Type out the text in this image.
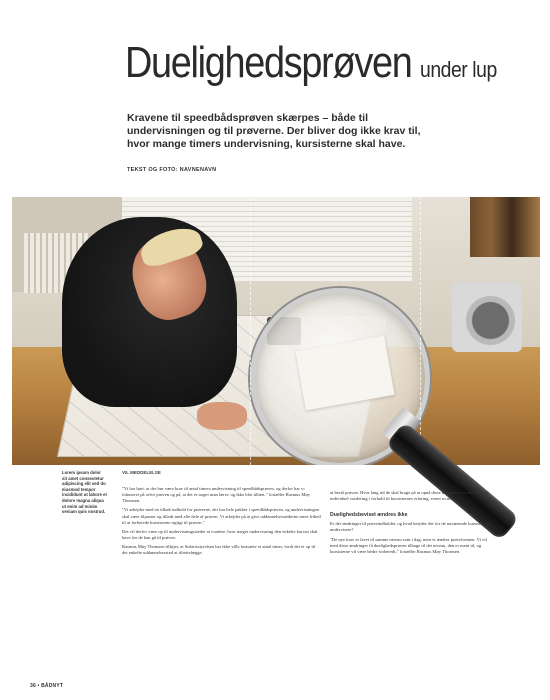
Duelighedsprøven under lup

Kravene til speedbådsprøven skærpes – både til undervisningen og til prøverne. Der bliver dog ikke krav til, hvor mange timers undervisning, kursisterne skal have.

TEKST OG FOTO: NAVNENAVN

Lorem ipsum dolor sit amet consectetur adipiscing elit sed do eiusmod tempor incididunt ut labore et dolore magna aliqua ut enim ad minim veniam quis nostrud.

VIL MEDDELELSE

"Vi har hørt, at der bør være krav til antal timers undervisning til speedbådsprøven, og derfor har vi fokuseret på selve prøven og på, at det er noget man lærer, og ikke blot tillært," fortæller Rasmus Møy Thomsen.

"Vi arbejder med en tilladt indhold for prøverne, der har hele pakker i speedbådsprøven, og undervisningen skal være tilpasset og tilladt med alle dele af prøven. Vi arbejder på at give uddannelsesstederne mere frihed til at forberede kursisterne rigtigt til prøven."

Det vil derfor være op til undervisningsstedet at vurdere, hvor meget undervisning den enkelte kursist skal have før de kan gå til prøven.

Rasmus Møy Thomsen tilføjer, at Søfartsstyrelsen har ikke ville fastsætte et antal timer, fordi det er op til det enkelte uddannelsessted at tilrettelægge.

at bestå prøven. Hvor lang tid de skal bruge på at opnå disse kompetencer, må være en individuel vurdering i forhold til kursisternes erfaring, evner m.m.

Duelighedsbeviset ændres ikke

Er der ændringer til prøveindholdet, og hvad betyder det for de nuværende kursister og undervisere?

"De nye krav er lavet til samme niveau som i dag, men vi ændrer prøveformen. Vi vil med disse ændringer få duelighedsprøven tilbage til det niveau, den er ment til, og kursisterne vil være bedre forberedt," fortæller Rasmus Møy Thomsen.

36 • BÅDNYT
